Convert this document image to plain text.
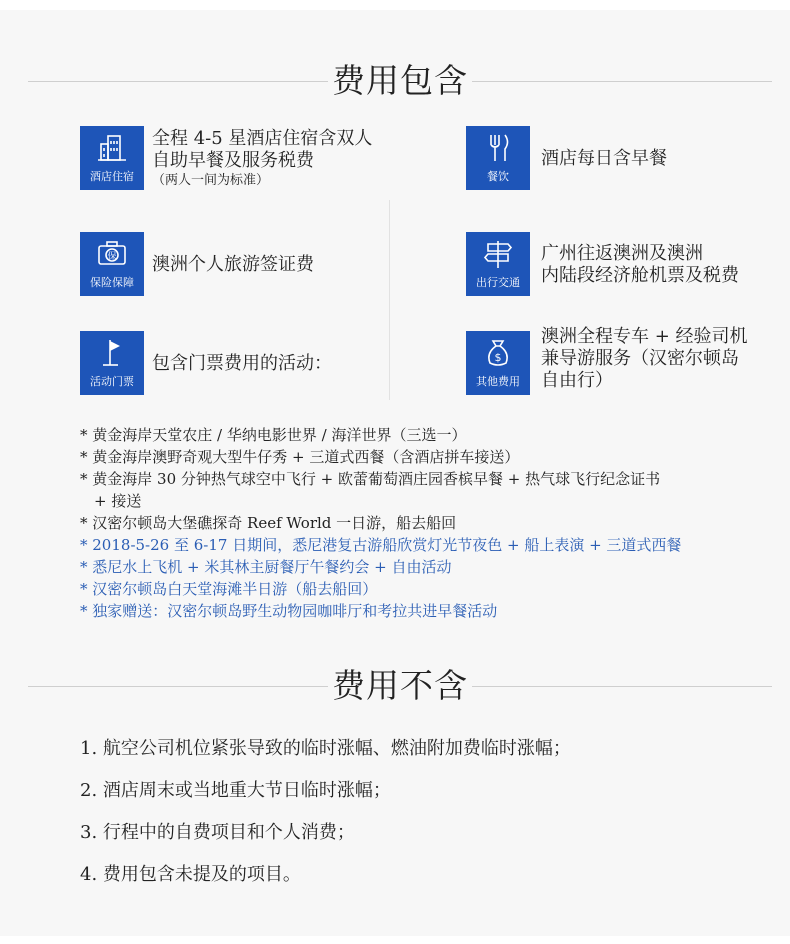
费用包含
酒店住宿
全程 4-5 星酒店住宿含双人
自助早餐及服务税费
（两人一间为标准）	餐饮
酒店每日含早餐
保
保险保障
澳洲个人旅游签证费
出行交通
广州往返澳洲及澳洲
内陆段经济舱机票及税费
活动门票
包含门票费用的活动：	$
其他费用
澳洲全程专车 + 经验司机
兼导游服务（汉密尔顿岛
自由行）
* 黄金海岸天堂农庄 / 华纳电影世界 / 海洋世界（三选一）
* 黄金海岸澳野奇观大型牛仔秀 + 三道式西餐（含酒店拼车接送）
* 黄金海岸 30 分钟热气球空中飞行 + 欧蕾葡萄酒庄园香槟早餐 + 热气球飞行纪念证书
+ 接送
* 汉密尔顿岛大堡礁探奇 Reef World 一日游，船去船回
* 2018-5-26 至 6-17 日期间，悉尼港复古游船欣赏灯光节夜色 + 船上表演 + 三道式西餐
* 悉尼水上飞机 + 米其林主厨餐厅午餐约会 + 自由活动
* 汉密尔顿岛白天堂海滩半日游（船去船回）
* 独家赠送：汉密尔顿岛野生动物园咖啡厅和考拉共进早餐活动
费用不含
1. 航空公司机位紧张导致的临时涨幅、燃油附加费临时涨幅；
2. 酒店周末或当地重大节日临时涨幅；
3. 行程中的自费项目和个人消费；
4. 费用包含未提及的项目。
